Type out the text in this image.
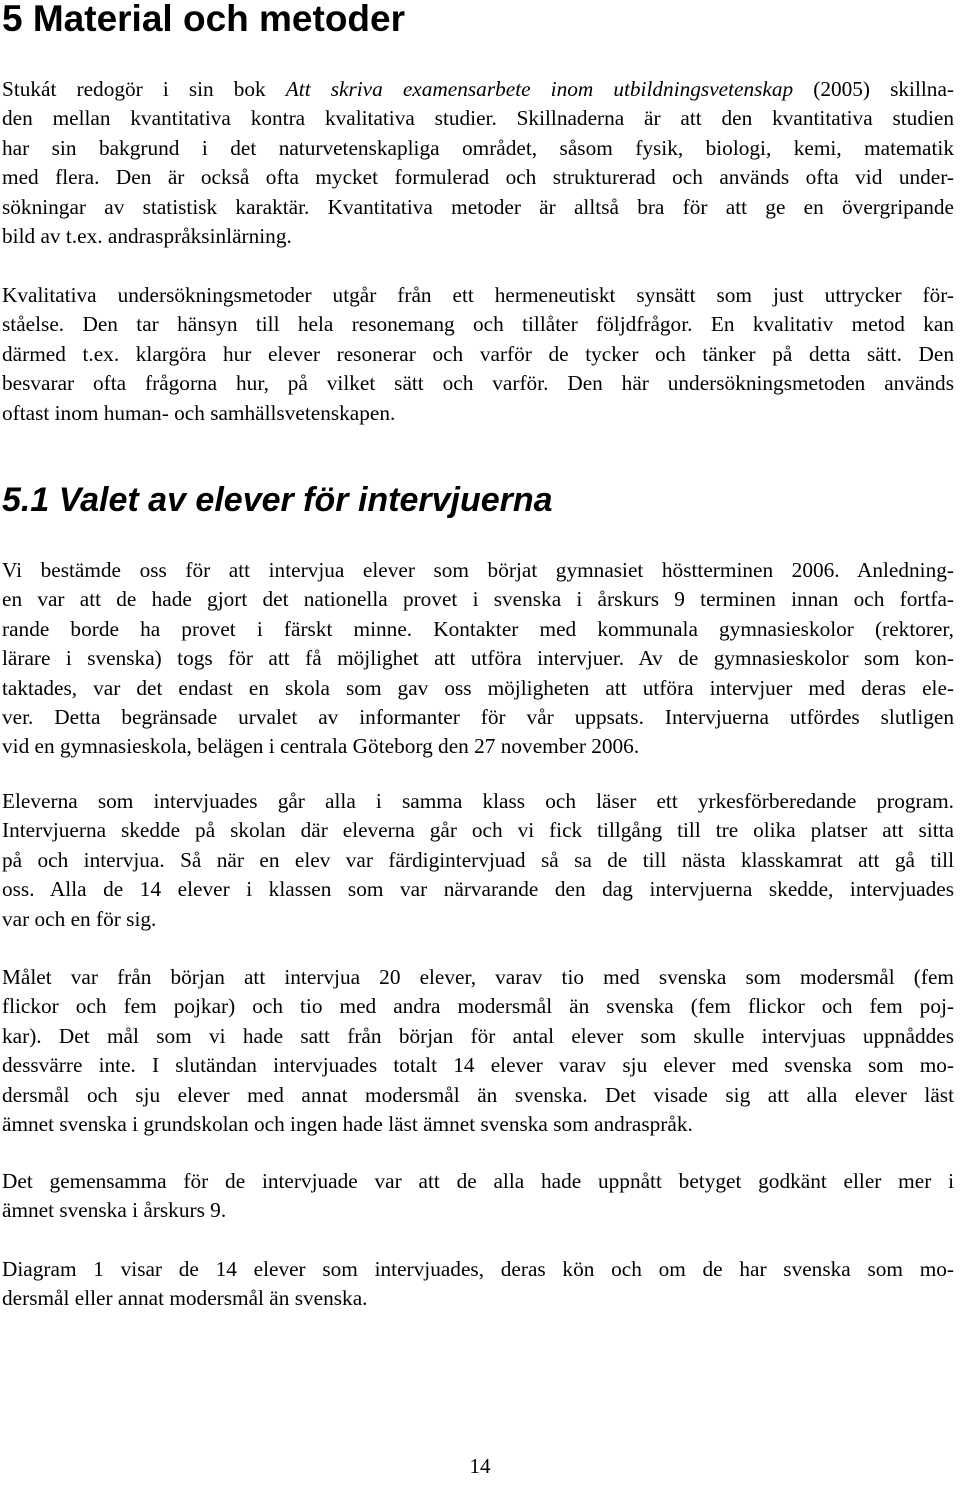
5 Material och metoder
Stukát redogör i sin bok Att skriva examensarbete inom utbildningsvetenskap (2005) skillna-
den mellan kvantitativa kontra kvalitativa studier. Skillnaderna är att den kvantitativa studien
har sin bakgrund i det naturvetenskapliga området, såsom fysik, biologi, kemi, matematik
med flera. Den är också ofta mycket formulerad och strukturerad och används ofta vid under-
sökningar av statistisk karaktär. Kvantitativa metoder är alltså bra för att ge en övergripande
bild av t.ex. andraspråksinlärning.
Kvalitativa undersökningsmetoder utgår från ett hermeneutiskt synsätt som just uttrycker för-
ståelse. Den tar hänsyn till hela resonemang och tillåter följdfrågor. En kvalitativ metod kan
därmed t.ex. klargöra hur elever resonerar och varför de tycker och tänker på detta sätt. Den
besvarar ofta frågorna hur, på vilket sätt och varför. Den här undersökningsmetoden används
oftast inom human- och samhällsvetenskapen.
5.1 Valet av elever för intervjuerna
Vi bestämde oss för att intervjua elever som börjat gymnasiet höstterminen 2006. Anledning-
en var att de hade gjort det nationella provet i svenska i årskurs 9 terminen innan och fortfa-
rande borde ha provet i färskt minne. Kontakter med kommunala gymnasieskolor (rektorer,
lärare i svenska) togs för att få möjlighet att utföra intervjuer. Av de gymnasieskolor som kon-
taktades, var det endast en skola som gav oss möjligheten att utföra intervjuer med deras ele-
ver. Detta begränsade urvalet av informanter för vår uppsats. Intervjuerna utfördes slutligen
vid en gymnasieskola, belägen i centrala Göteborg den 27 november 2006.
Eleverna som intervjuades går alla i samma klass och läser ett yrkesförberedande program.
Intervjuerna skedde på skolan där eleverna går och vi fick tillgång till tre olika platser att sitta
på och intervjua. Så när en elev var färdigintervjuad så sa de till nästa klasskamrat att gå till
oss. Alla de 14 elever i klassen som var närvarande den dag intervjuerna skedde, intervjuades
var och en för sig.
Målet var från början att intervjua 20 elever, varav tio med svenska som modersmål (fem
flickor och fem pojkar) och tio med andra modersmål än svenska (fem flickor och fem poj-
kar). Det mål som vi hade satt från början för antal elever som skulle intervjuas uppnåddes
dessvärre inte. I slutändan intervjuades totalt 14 elever varav sju elever med svenska som mo-
dersmål och sju elever med annat modersmål än svenska. Det visade sig att alla elever läst
ämnet svenska i grundskolan och ingen hade läst ämnet svenska som andraspråk.
Det gemensamma för de intervjuade var att de alla hade uppnått betyget godkänt eller mer i
ämnet svenska i årskurs 9.
Diagram 1 visar de 14 elever som intervjuades, deras kön och om de har svenska som mo-
dersmål eller annat modersmål än svenska.
14
